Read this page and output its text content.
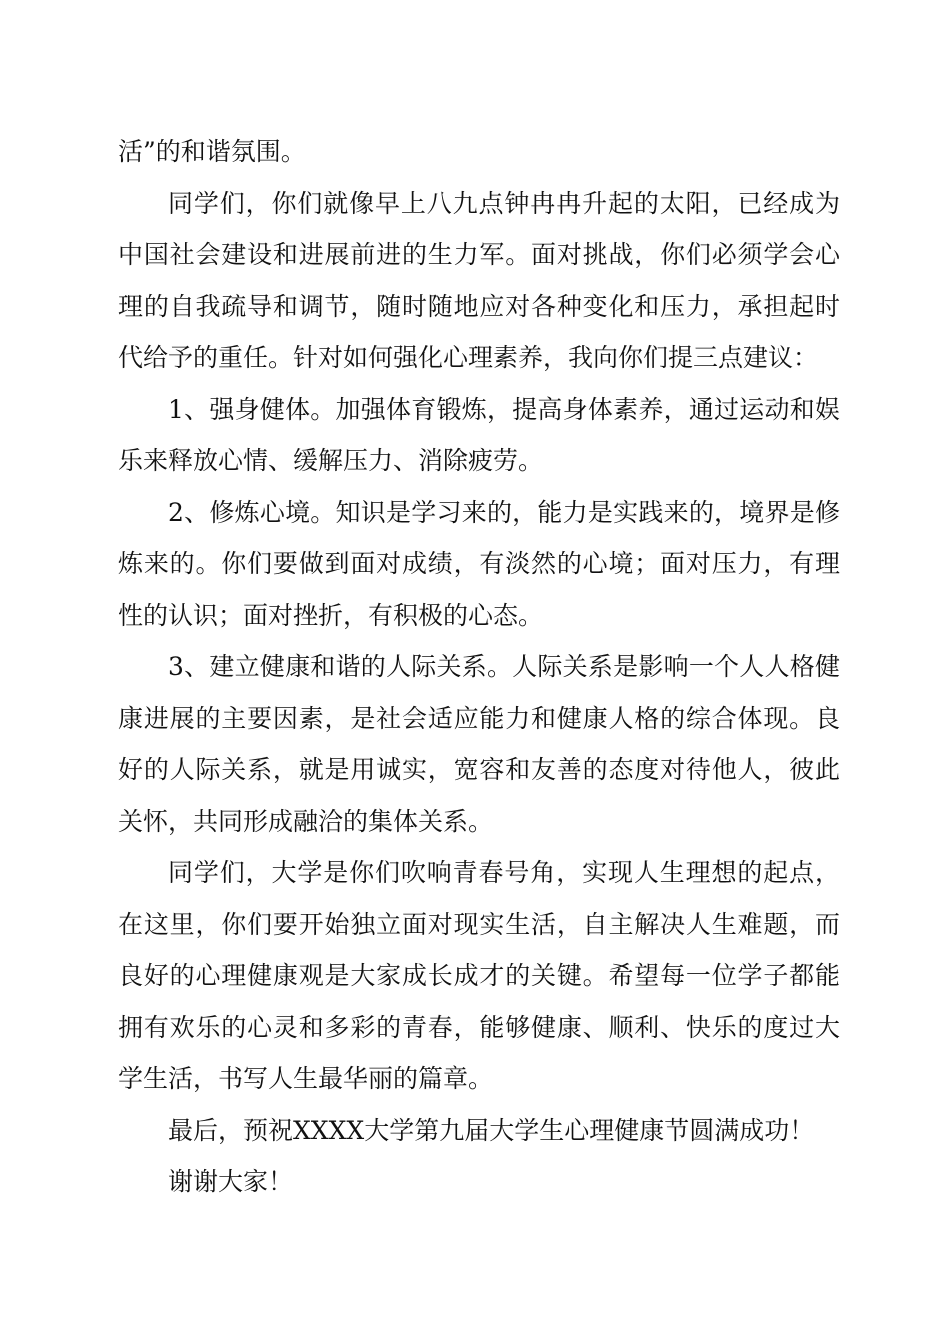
活”的和谐氛围。

同学们，你们就像早上八九点钟冉冉升起的太阳，已经成为中国社会建设和进展前进的生力军。面对挑战，你们必须学会心理的自我疏导和调节，随时随地应对各种变化和压力，承担起时代给予的重任。针对如何强化心理素养，我向你们提三点建议：

1、强身健体。加强体育锻炼，提高身体素养，通过运动和娱乐来释放心情、缓解压力、消除疲劳。

2、修炼心境。知识是学习来的，能力是实践来的，境界是修炼来的。你们要做到面对成绩，有淡然的心境；面对压力，有理性的认识；面对挫折，有积极的心态。

3、建立健康和谐的人际关系。人际关系是影响一个人人格健康进展的主要因素，是社会适应能力和健康人格的综合体现。良好的人际关系，就是用诚实，宽容和友善的态度对待他人，彼此关怀，共同形成融洽的集体关系。

同学们，大学是你们吹响青春号角，实现人生理想的起点，在这里，你们要开始独立面对现实生活，自主解决人生难题，而良好的心理健康观是大家成长成才的关键。希望每一位学子都能拥有欢乐的心灵和多彩的青春，能够健康、顺利、快乐的度过大学生活，书写人生最华丽的篇章。

最后，预祝XXXX大学第九届大学生心理健康节圆满成功！

谢谢大家！
